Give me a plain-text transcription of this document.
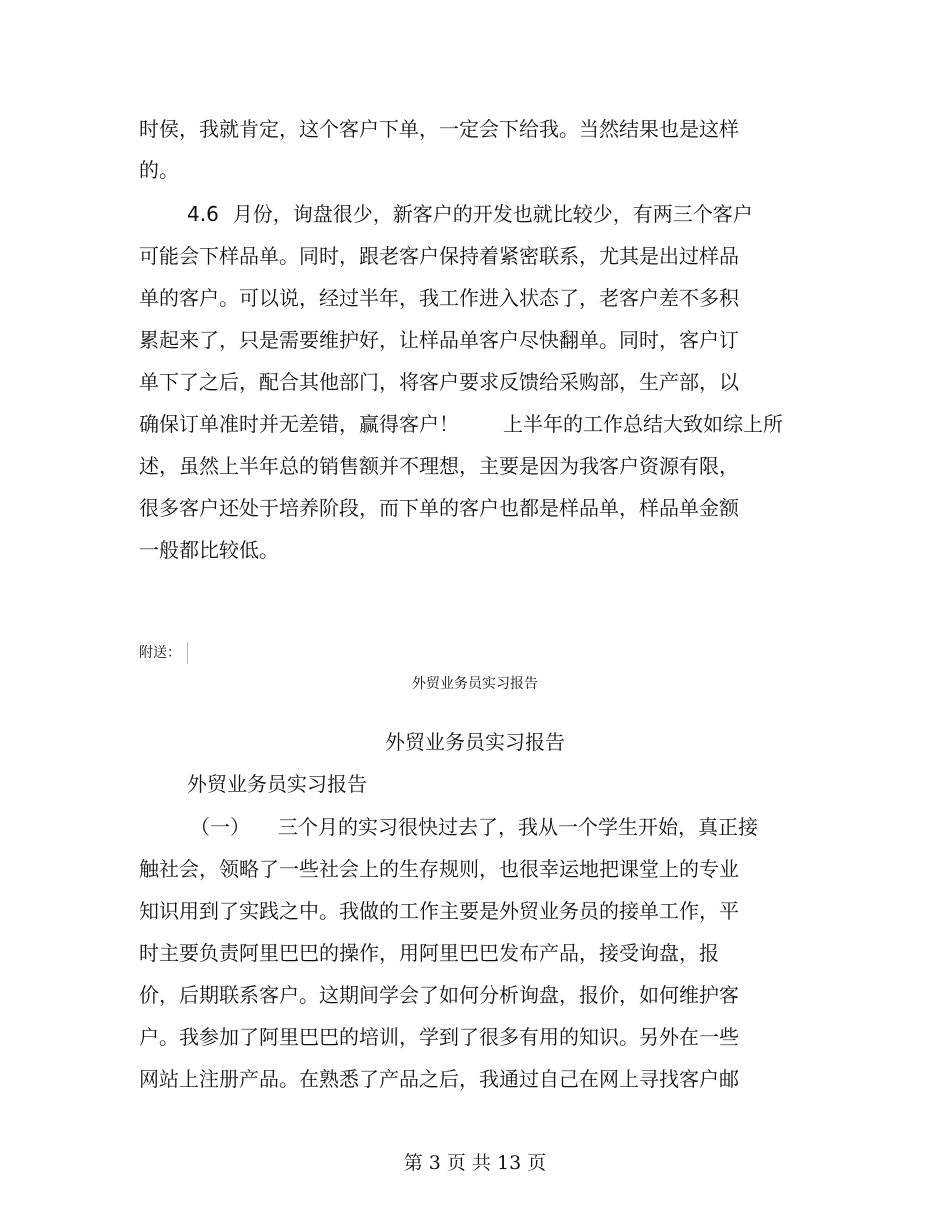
时侯，我就肯定，这个客户下单，一定会下给我。当然结果也是这样
的。
4.6 月份，询盘很少，新客户的开发也就比较少，有两三个客户
可能会下样品单。同时，跟老客户保持着紧密联系，尤其是出过样品
单的客户。可以说，经过半年，我工作进入状态了，老客户差不多积
累起来了，只是需要维护好，让样品单客户尽快翻单。同时，客户订
单下了之后，配合其他部门，将客户要求反馈给采购部，生产部，以
确保订单准时并无差错，赢得客户！ 上半年的工作总结大致如综上所
述，虽然上半年总的销售额并不理想，主要是因为我客户资源有限，
很多客户还处于培养阶段，而下单的客户也都是样品单，样品单金额
一般都比较低。
附送：
外贸业务员实习报告
外贸业务员实习报告
外贸业务员实习报告
（一） 三个月的实习很快过去了，我从一个学生开始，真正接
触社会，领略了一些社会上的生存规则，也很幸运地把课堂上的专业
知识用到了实践之中。我做的工作主要是外贸业务员的接单工作，平
时主要负责阿里巴巴的操作，用阿里巴巴发布产品，接受询盘，报
价，后期联系客户。这期间学会了如何分析询盘，报价，如何维护客
户。我参加了阿里巴巴的培训，学到了很多有用的知识。另外在一些
网站上注册产品。在熟悉了产品之后，我通过自己在网上寻找客户邮
第 3 页 共 13 页
